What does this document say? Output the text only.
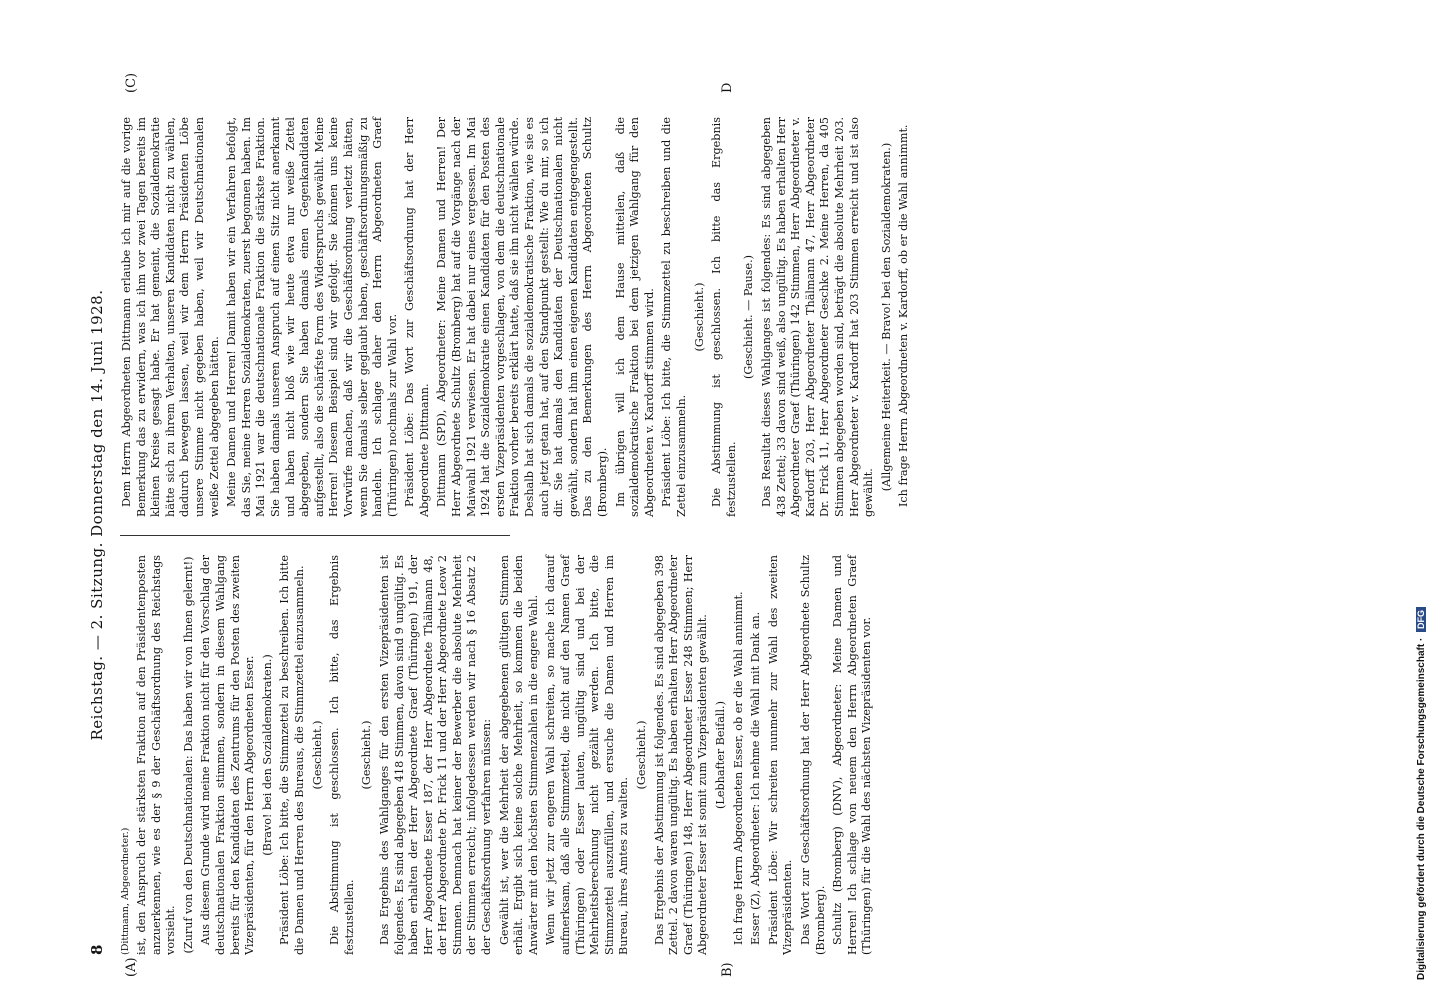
8
Reichstag. — 2. Sitzung. Donnerstag den 14. Juni 1928.

(Dittmann, Abgeordneter.) ist, den Anspruch der stärksten Fraktion auf den Präsidentenposten anzuerkennen, wie es der § 9 der Geschäftsordnung des Reichstags vorsieht. (Zuruf von den Deutschnationalen: Das haben wir von Ihnen gelernt!) Aus diesem Grunde wird meine Fraktion nicht für den Vorschlag der deutschnationalen Fraktion stimmen, sondern in diesem Wahlgang bereits für den Kandidaten des Zentrums für den Posten des zweiten Vizepräsidenten, für den Herrn Abgeordneten Esser. (Bravo! bei den Sozialdemokraten.) Präsident Löbe: Ich bitte, die Stimmzettel zu beschreiben. Ich bitte die Damen und Herren des Bureaus, die Stimmzettel einzusammeln. (Geschieht.) Die Abstimmung ist geschlossen. Ich bitte, das Ergebnis festzustellen.

(Geschieht.) Das Ergebnis des Wahlganges für den ersten Vizepräsidenten ist folgendes. Es sind abgegeben 418 Stimmen, davon sind 9 ungültig. Es haben erhalten der Herr Abgeordnete Graef (Thüringen) 191, der Herr Abgeordnete Esser 187, der Herr Abgeordnete Thälmann 48, der Herr Abgeordnete Dr. Frick 11 und der Herr Abgeordnete Leow 2 Stimmen. Demnach hat keiner der Bewerber die absolute Mehrheit der Stimmen erreicht; infolgedessen werden wir nach § 16 Absatz 2 der Geschäftsordnung verfahren müssen: Gewählt ist, wer die Mehrheit der abgegebenen gültigen Stimmen erhält. Ergibt sich keine solche Mehrheit, so kommen die beiden Anwärter mit den höchsten Stimmenzahlen in die engere Wahl. Wenn wir jetzt zur engeren Wahl schreiten, so mache ich darauf aufmerksam, daß alle Stimmzettel, die nicht auf den Namen Graef (Thüringen) oder Esser lauten, ungültig sind und bei der Mehrheitsberechnung nicht gezählt werden. Ich bitte, die Stimmzettel auszufüllen, und ersuche die Damen und Herren im Bureau, ihres Amtes zu walten.

(Geschieht.) Das Ergebnis der Abstimmung ist folgendes. Es sind abgegeben 398 Zettel. 2 davon waren ungültig. Es haben erhalten Herr Abgeordneter Graef (Thüringen) 148, Herr Abgeordneter Esser 248 Stimmen; Herr Abgeordneter Esser ist somit zum Vizepräsidenten gewählt. (Lebhafter Beifall.) Ich frage Herrn Abgeordneten Esser, ob er die Wahl annimmt. Esser (Z), Abgeordneter: Ich nehme die Wahl mit Dank an. Präsident Löbe: Wir schreiten nunmehr zur Wahl des zweiten Vizepräsidenten. Das Wort zur Geschäftsordnung hat der Herr Abgeordnete Schultz (Bromberg). Schultz (Bromberg) (DNV), Abgeordneter: Meine Damen und Herren! Ich schlage von neuem den Herrn Abgeordneten Graef (Thüringen) für die Wahl des nächsten Vizepräsidenten vor.

Dem Herrn Abgeordneten Dittmann erlaube ich mir auf die vorige Bemerkung das zu erwidern, was ich ihm vor zwei Tagen bereits im kleinen Kreise gesagt habe. Er hat gemeint, die Sozialdemokratie hätte sich zu ihrem Verhalten, unseren Kandidaten nicht zu wählen, dadurch bewegen lassen, weil wir dem Herrn Präsidenten Löbe unsere Stimme nicht gegeben haben, weil wir Deutschnationalen weiße Zettel abgegeben hätten. Meine Damen und Herren! Damit haben wir ein Verfahren befolgt, das Sie, meine Herren Sozialdemokraten, zuerst begonnen haben. Im Mai 1921 war die deutschnationale Fraktion die stärkste Fraktion. Sie haben damals unseren Anspruch auf einen Sitz nicht anerkannt und haben nicht bloß wie wir heute etwa nur weiße Zettel abgegeben, sondern Sie haben damals einen Gegenkandidaten aufgestellt, also die schärfste Form des Widerspruchs gewählt. Meine Herren! Diesem Beispiel sind wir gefolgt. Sie können uns keine Vorwürfe machen, daß wir die Geschäftsordnung verletzt hätten, wenn Sie damals selber geglaubt haben, geschäftsordnungsmäßig zu handeln. Ich schlage daher den Herrn Abgeordneten Graef (Thüringen) nochmals zur Wahl vor. Präsident Löbe: Das Wort zur Geschäftsordnung hat der Herr Abgeordnete Dittmann. Dittmann (SPD), Abgeordneter: Meine Damen und Herren! Der Herr Abgeordnete Schultz (Bromberg) hat auf die Vorgänge nach der Maiwahl 1921 verwiesen. Er hat dabei nur eines vergessen. Im Mai 1924 hat die Sozialdemokratie einen Kandidaten für den Posten des ersten Vizepräsidenten vorgeschlagen, von dem die deutschnationale Fraktion vorher bereits erklärt hatte, daß sie ihn nicht wählen würde. Deshalb hat sich damals die sozialdemokratische Fraktion, wie sie es auch jetzt getan hat, auf den Standpunkt gestellt: Wie du mir, so ich dir. Sie hat damals den Kandidaten der Deutschnationalen nicht gewählt, sondern hat ihm einen eigenen Kandidaten entgegengestellt. Das zu den Bemerkungen des Herrn Abgeordneten Schultz (Bromberg). Im übrigen will ich dem Hause mitteilen, daß die sozialdemokratische Fraktion bei dem jetzigen Wahlgang für den Abgeordneten v. Kardorff stimmen wird. Präsident Löbe: Ich bitte, die Stimmzettel zu beschreiben und die Zettel einzusammeln.

(Geschieht.) Die Abstimmung ist geschlossen. Ich bitte das Ergebnis festzustellen.

(Geschieht. — Pause.) Das Resultat dieses Wahlganges ist folgendes: Es sind abgegeben 438 Zettel; 33 davon sind weiß, also ungültig. Es haben erhalten Herr Abgeordneter Graef (Thüringen) 142 Stimmen, Herr Abgeordneter v. Kardorff 203, Herr Abgeordneter Thälmann 47, Herr Abgeordneter Dr. Frick 11, Herr Abgeordneter Geschke 2. Meine Herren, da 405 Stimmen abgegeben worden sind, beträgt die absolute Mehrheit 203. Herr Abgeordneter v. Kardorff hat 203 Stimmen erreicht und ist also gewählt.

(Allgemeine Heiterkeit. — Bravo! bei den Sozialdemokraten.) Ich frage Herrn Abgeordneten v. Kardorff, ob er die Wahl annimmt.

(A)	B)
(C)	D
Digitalisierung gefördert durch die Deutsche Forschungsgemeinschaft · DFG
